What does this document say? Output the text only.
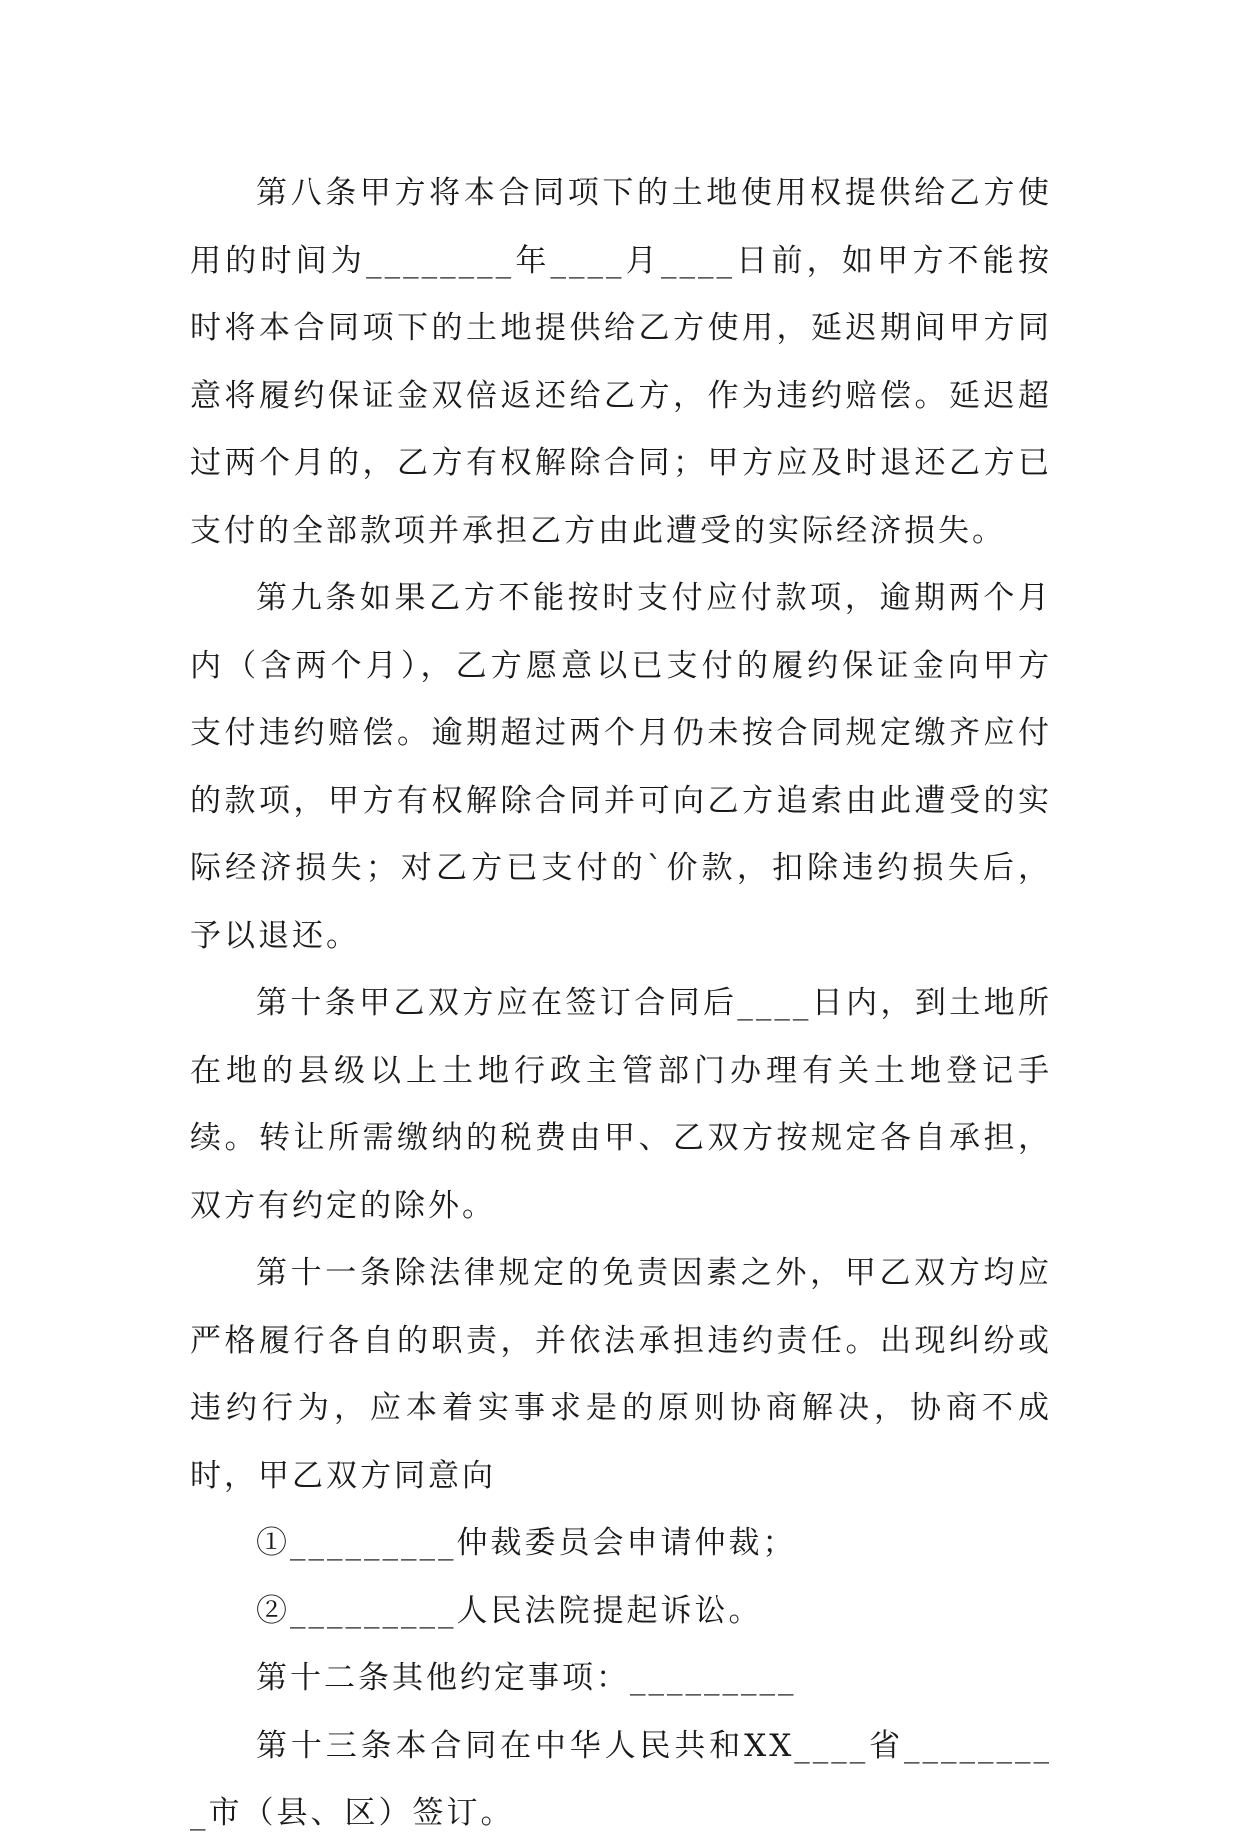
第八条甲方将本合同项下的土地使用权提供给乙方使用的时间为________年____月____日前，如甲方不能按时将本合同项下的土地提供给乙方使用，延迟期间甲方同意将履约保证金双倍返还给乙方，作为违约赔偿。延迟超过两个月的，乙方有权解除合同；甲方应及时退还乙方已支付的全部款项并承担乙方由此遭受的实际经济损失。

第九条如果乙方不能按时支付应付款项，逾期两个月内（含两个月），乙方愿意以已支付的履约保证金向甲方支付违约赔偿。逾期超过两个月仍未按合同规定缴齐应付的款项，甲方有权解除合同并可向乙方追索由此遭受的实际经济损失；对乙方已支付的`价款，扣除违约损失后，予以退还。

第十条甲乙双方应在签订合同后____日内，到土地所在地的县级以上土地行政主管部门办理有关土地登记手续。转让所需缴纳的税费由甲、乙双方按规定各自承担，双方有约定的除外。

第十一条除法律规定的免责因素之外，甲乙双方均应严格履行各自的职责，并依法承担违约责任。出现纠纷或违约行为，应本着实事求是的原则协商解决，协商不成时，甲乙双方同意向

①_________仲裁委员会申请仲裁；

②_________人民法院提起诉讼。

第十二条其他约定事项：_________

第十三条本合同在中华人民共和XX____省_________市（县、区）签订。
